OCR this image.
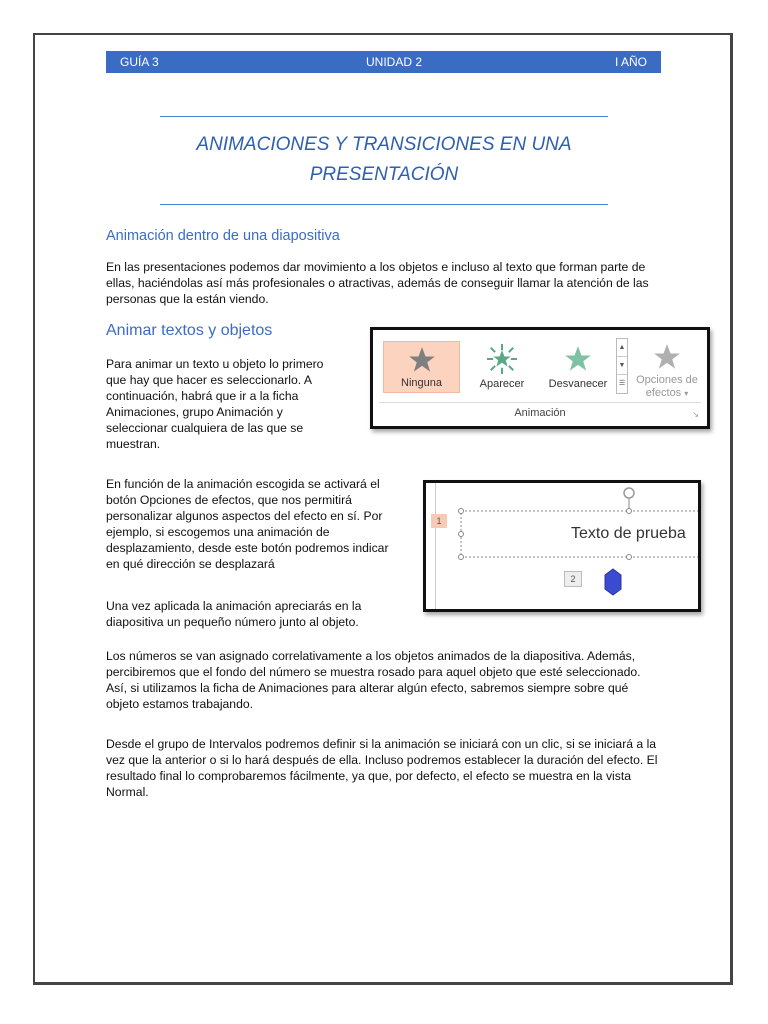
GUÍA 3	UNIDAD 2	I AÑO
ANIMACIONES Y TRANSICIONES EN UNA PRESENTACIÓN
Animación dentro de una diapositiva

En las presentaciones podemos dar movimiento a los objetos e incluso al texto que forman parte de ellas, haciéndolas así más profesionales o atractivas, además de conseguir llamar la atención de las personas que la están viendo.

Animar textos y objetos

Para animar un texto u objeto lo primero que hay que hacer es seleccionarlo. A continuación, habrá que ir a la ficha Animaciones, grupo Animación y seleccionar cualquiera de las que se muestran.

Ninguna	Aparecer	Desvanecer
▲
▼
☰ Opciones de
efectos ▾
Animación	↘

En función de la animación escogida se activará el botón Opciones de efectos, que nos permitirá personalizar algunos aspectos del efecto en sí. Por ejemplo, si escogemos una animación de desplazamiento, desde este botón podremos indicar en qué dirección se desplazará

1
2
Texto de prueba

Una vez aplicada la animación apreciarás en la diapositiva un pequeño número junto al objeto.

Los números se van asignado correlativamente a los objetos animados de la diapositiva. Además, percibiremos que el fondo del número se muestra rosado para aquel objeto que esté seleccionado. Así, si utilizamos la ficha de Animaciones para alterar algún efecto, sabremos siempre sobre qué objeto estamos trabajando.

Desde el grupo de Intervalos podremos definir si la animación se iniciará con un clic, si se iniciará a la vez que la anterior o si lo hará después de ella. Incluso podremos establecer la duración del efecto. El resultado final lo comprobaremos fácilmente, ya que, por defecto, el efecto se muestra en la vista Normal.
